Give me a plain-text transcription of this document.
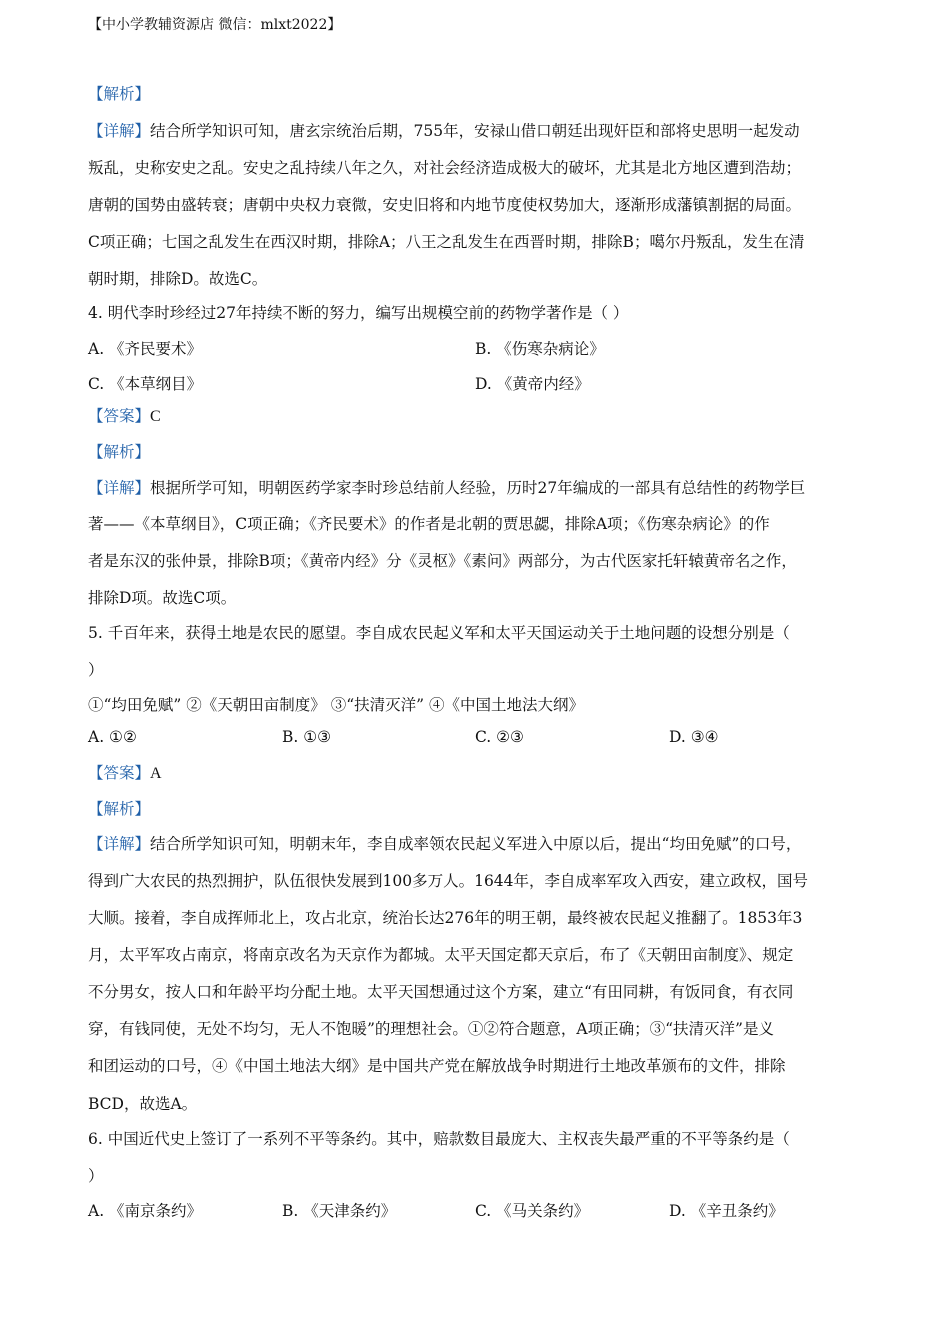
【中小学教辅资源店 微信：mlxt2022】
【解析】
【详解】结合所学知识可知，唐玄宗统治后期，755年，安禄山借口朝廷出现奸臣和部将史思明一起发动
叛乱，史称安史之乱。安史之乱持续八年之久，对社会经济造成极大的破坏，尤其是北方地区遭到浩劫；
唐朝的国势由盛转衰；唐朝中央权力衰微，安史旧将和内地节度使权势加大，逐渐形成藩镇割据的局面。
C项正确；七国之乱发生在西汉时期，排除A；八王之乱发生在西晋时期，排除B；噶尔丹叛乱，发生在清
朝时期，排除D。故选C。
4. 明代李时珍经过27年持续不断的努力，编写出规模空前的药物学著作是（ ）
A. 《齐民要术》	B. 《伤寒杂病论》
C. 《本草纲目》	D. 《黄帝内经》
【答案】C
【解析】
【详解】根据所学可知，明朝医药学家李时珍总结前人经验，历时27年编成的一部具有总结性的药物学巨
著——《本草纲目》，C项正确；《齐民要术》的作者是北朝的贾思勰，排除A项；《伤寒杂病论》的作
者是东汉的张仲景，排除B项；《黄帝内经》分《灵枢》《素问》两部分，为古代医家托轩辕黄帝名之作，
排除D项。故选C项。
5. 千百年来，获得土地是农民的愿望。李自成农民起义军和太平天国运动关于土地问题的设想分别是（
）
①“均田免赋” ②《天朝田亩制度》 ③“扶清灭洋” ④《中国土地法大纲》
A. ①②	B. ①③	C. ②③	D. ③④
【答案】A
【解析】
【详解】结合所学知识可知，明朝末年，李自成率领农民起义军进入中原以后，提出“均田免赋”的口号，
得到广大农民的热烈拥护，队伍很快发展到100多万人。1644年，李自成率军攻入西安，建立政权，国号
大顺。接着，李自成挥师北上，攻占北京，统治长达276年的明王朝，最终被农民起义推翻了。1853年3
月，太平军攻占南京，将南京改名为天京作为都城。太平天国定都天京后，布了《天朝田亩制度》、规定
不分男女，按人口和年龄平均分配土地。太平天国想通过这个方案，建立“有田同耕，有饭同食，有衣同
穿，有钱同使，无处不均匀，无人不饱暖”的理想社会。①②符合题意，A项正确；③“扶清灭洋”是义
和团运动的口号，④《中国土地法大纲》是中国共产党在解放战争时期进行土地改革颁布的文件，排除
BCD，故选A。
6. 中国近代史上签订了一系列不平等条约。其中，赔款数目最庞大、主权丧失最严重的不平等条约是（
）
A. 《南京条约》	B. 《天津条约》	C. 《马关条约》	D. 《辛丑条约》
